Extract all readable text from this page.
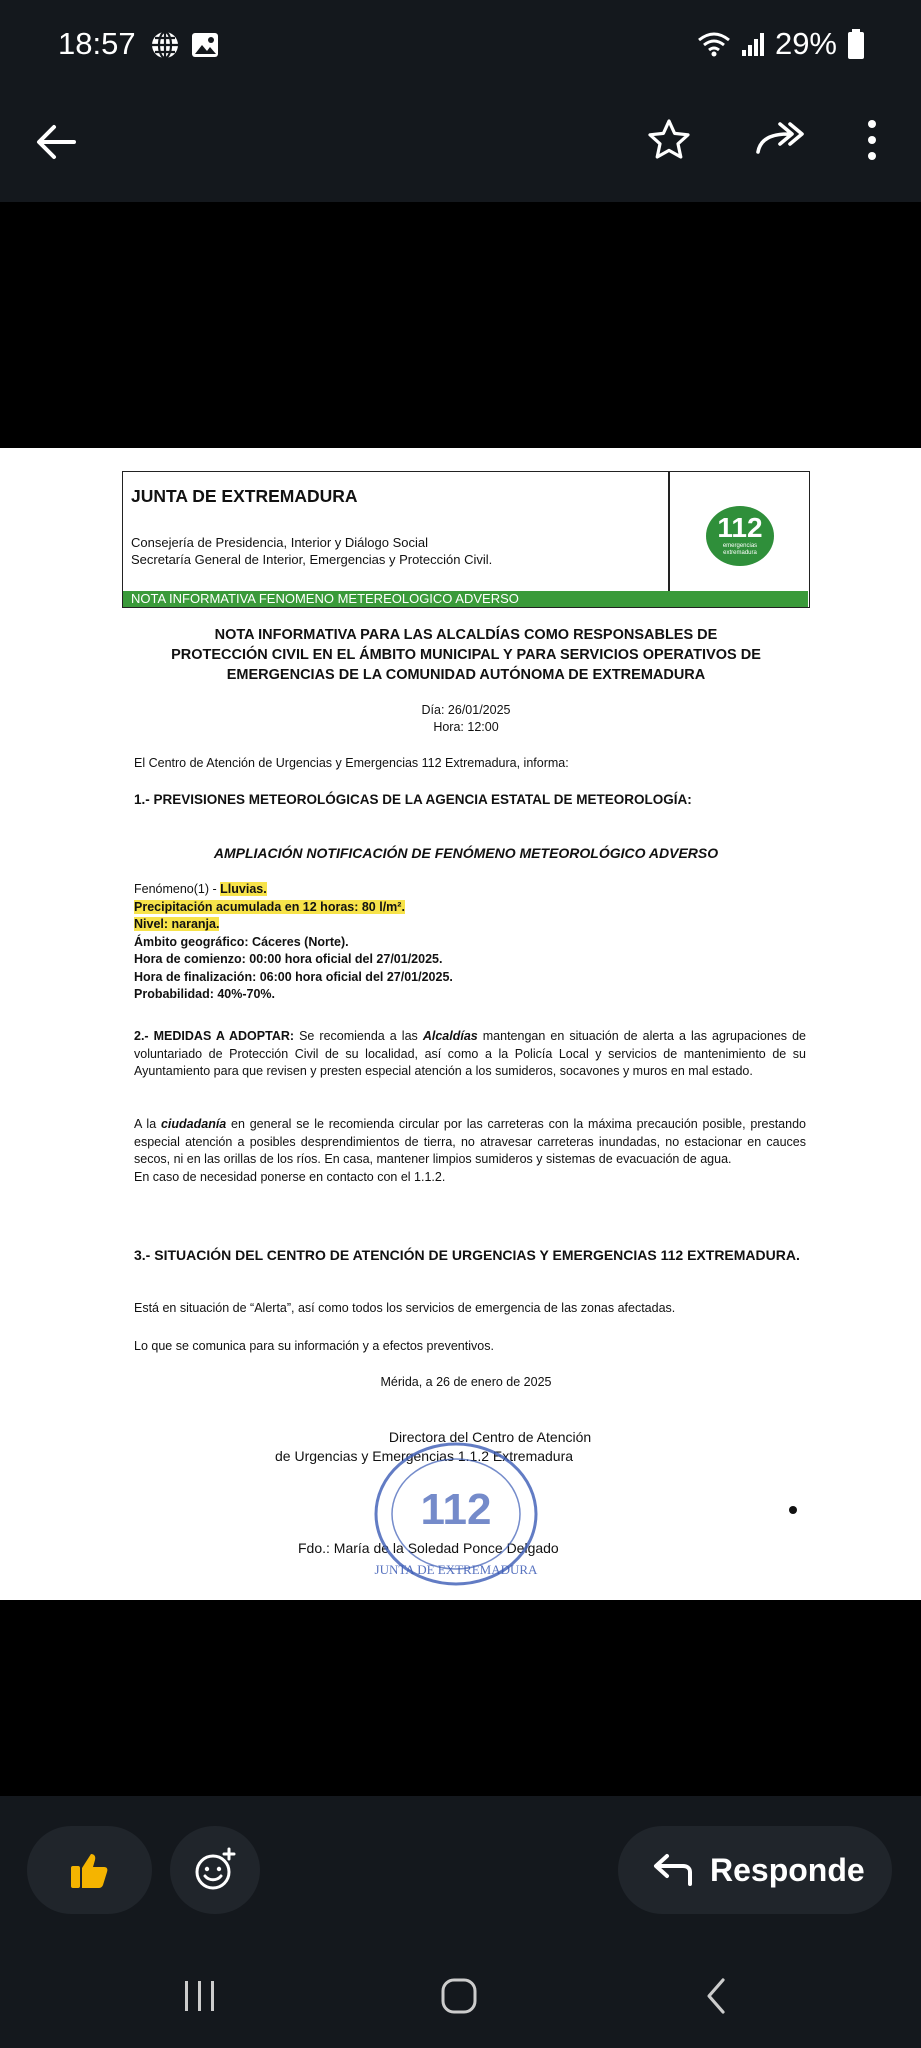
18:57	29%
JUNTA DE EXTREMADURA
Consejería de Presidencia, Interior y Diálogo Social
Secretaría General de Interior, Emergencias y Protección Civil.
NOTA INFORMATIVA FENOMENO METEREOLOGICO ADVERSO
112
emergencias
extremadura
NOTA INFORMATIVA PARA LAS ALCALDÍAS COMO RESPONSABLES DE
PROTECCIÓN CIVIL EN EL ÁMBITO MUNICIPAL Y PARA SERVICIOS OPERATIVOS DE
EMERGENCIAS DE LA COMUNIDAD AUTÓNOMA DE EXTREMADURA
Día: 26/01/2025
Hora: 12:00
El Centro de Atención de Urgencias y Emergencias 112 Extremadura, informa:
1.- PREVISIONES METEOROLÓGICAS DE LA AGENCIA ESTATAL DE METEOROLOGÍA:
AMPLIACIÓN NOTIFICACIÓN DE FENÓMENO METEOROLÓGICO ADVERSO
Fenómeno(1) - Lluvias.
Precipitación acumulada en 12 horas: 80 l/m².
Nivel: naranja.
Ámbito geográfico: Cáceres (Norte).
Hora de comienzo: 00:00 hora oficial del 27/01/2025.
Hora de finalización: 06:00 hora oficial del 27/01/2025.
Probabilidad: 40%-70%.
2.- MEDIDAS A ADOPTAR: Se recomienda a las Alcaldías mantengan en situación de alerta a las agrupaciones de voluntariado de Protección Civil de su localidad, así como a la Policía Local y servicios de mantenimiento de su Ayuntamiento para que revisen y presten especial atención a los sumideros, socavones y muros en mal estado.
A la ciudadanía en general se le recomienda circular por las carreteras con la máxima precaución posible, prestando especial atención a posibles desprendimientos de tierra, no atravesar carreteras inundadas, no estacionar en cauces secos, ni en las orillas de los ríos. En casa, mantener limpios sumideros y sistemas de evacuación de agua.
En caso de necesidad ponerse en contacto con el 1.1.2.
3.- SITUACIÓN DEL CENTRO DE ATENCIÓN DE URGENCIAS Y EMERGENCIAS 112 EXTREMADURA.
Está en situación de “Alerta”, así como todos los servicios de emergencia de las zonas afectadas.
Lo que se comunica para su información y a efectos preventivos.
Mérida, a 26 de enero de 2025
Directora del Centro de Atención
de Urgencias y Emergencias 1.1.2 Extremadura
Fdo.: María de la Soledad Ponce Delgado
112
JUNTA DE EXTREMADURA
Responde
